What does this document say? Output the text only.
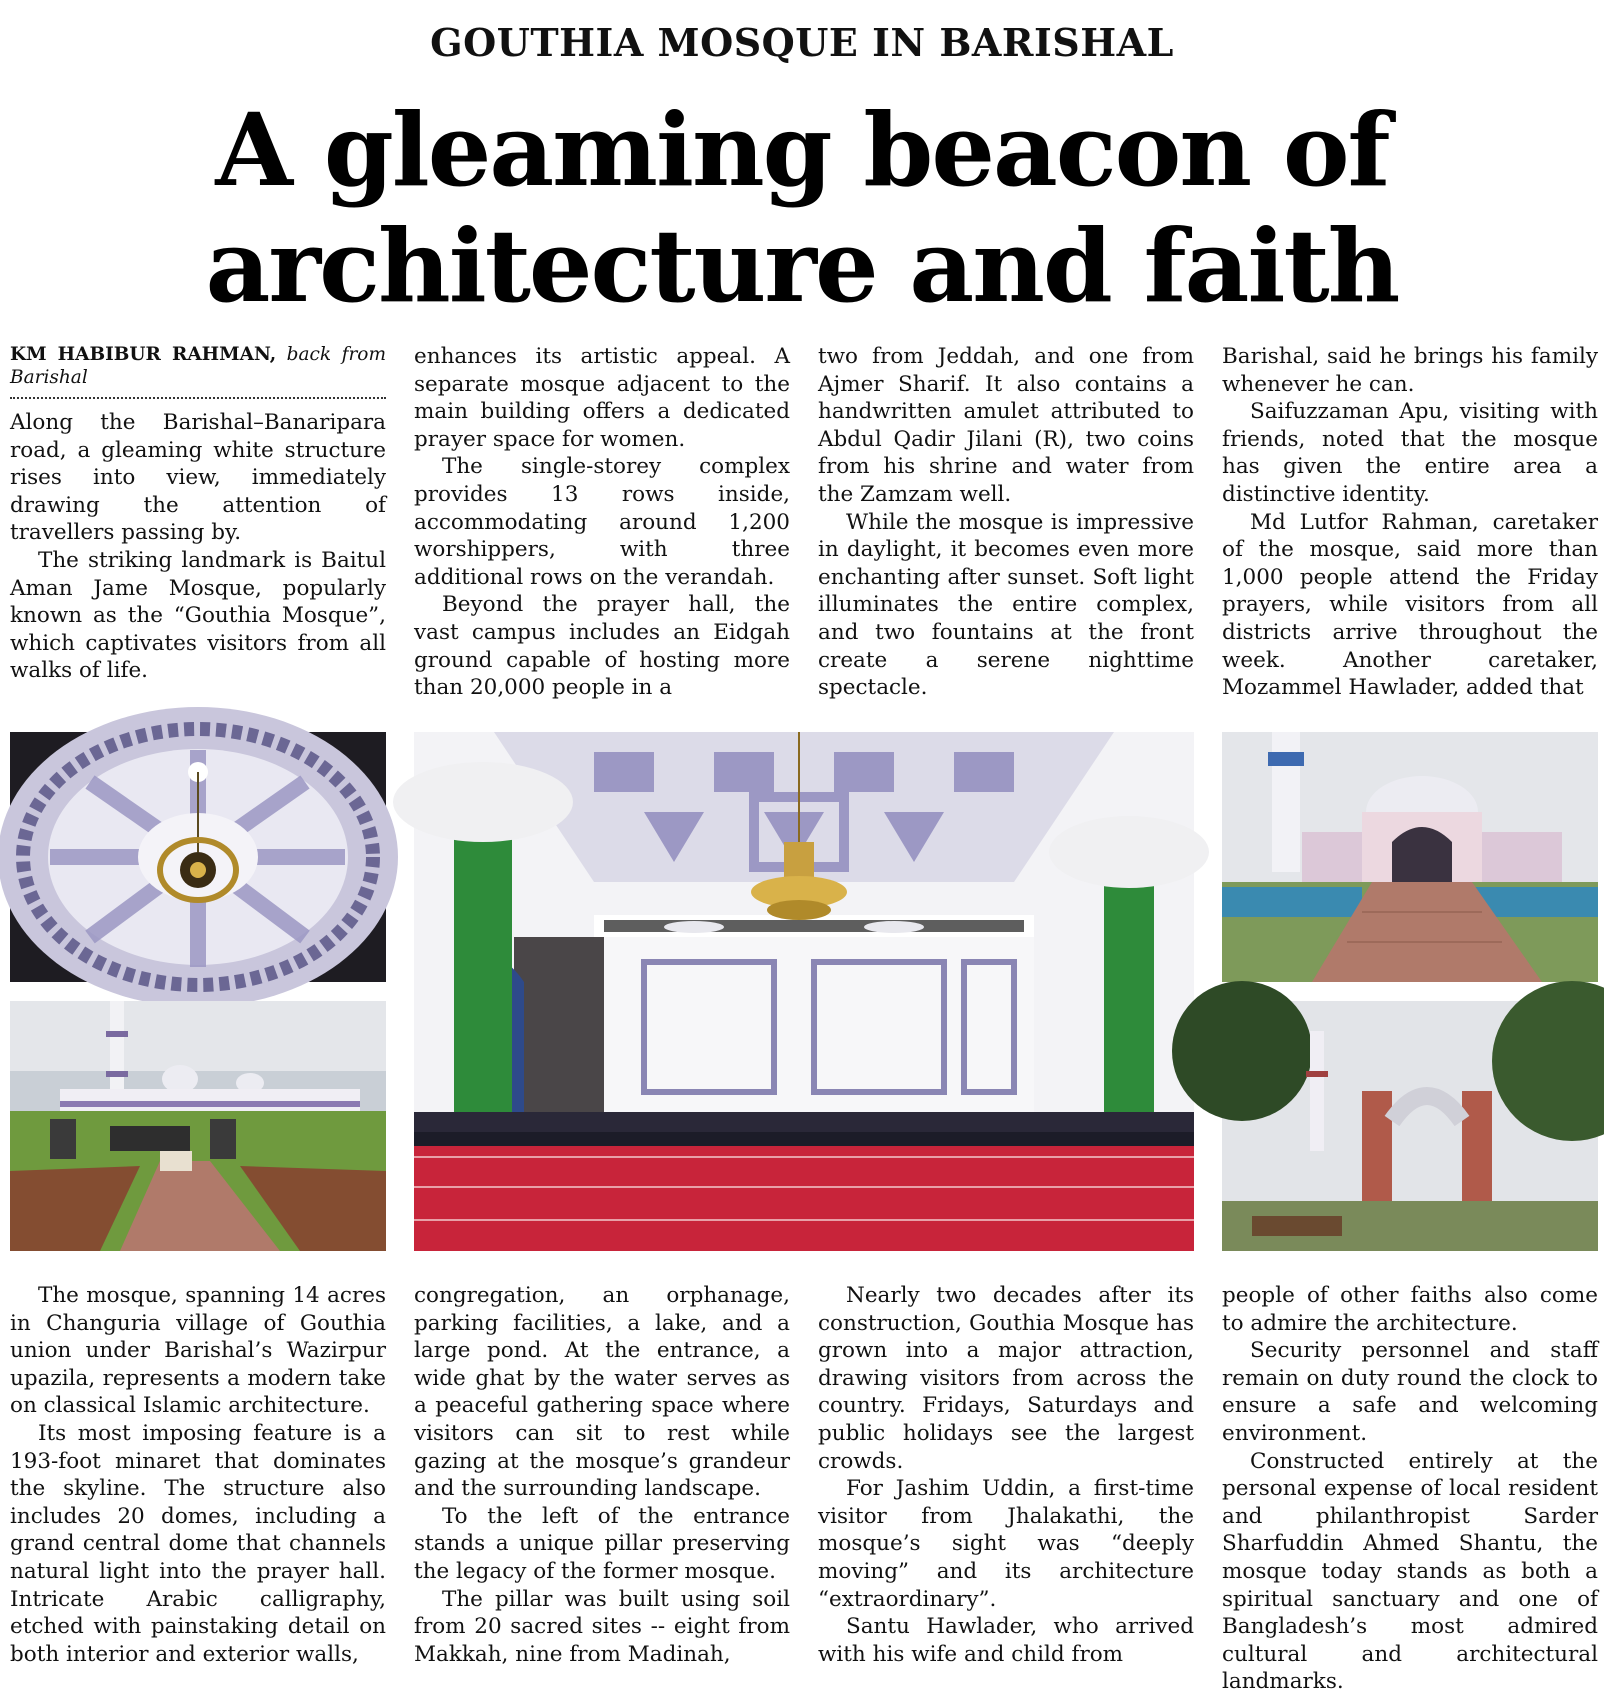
GOUTHIA MOSQUE IN BARISHAL
A gleaming beacon of
architecture and faith
KM HABIBUR RAHMAN, back from Barishal

Along the Barishal–Banaripara road, a gleaming white structure rises into view, immediately drawing the attention of travellers passing by.

The striking landmark is Baitul Aman Jame Mosque, popularly known as the “Gouthia Mosque”, which captivates visitors from all walks of life.

enhances its artistic appeal. A separate mosque adjacent to the main building offers a dedicated prayer space for women.

The single-storey complex provides 13 rows inside, accommodating around 1,200 worshippers, with three additional rows on the verandah.

Beyond the prayer hall, the vast campus includes an Eidgah ground capable of hosting more than 20,000 people in a

two from Jeddah, and one from Ajmer Sharif. It also contains a handwritten amulet attributed to Abdul Qadir Jilani (R), two coins from his shrine and water from the Zamzam well.

While the mosque is impressive in daylight, it becomes even more enchanting after sunset. Soft light illuminates the entire complex, and two fountains at the front create a serene nighttime spectacle.

Barishal, said he brings his family whenever he can.

Saifuzzaman Apu, visiting with friends, noted that the mosque has given the entire area a distinctive identity.

Md Lutfor Rahman, caretaker of the mosque, said more than 1,000 people attend the Friday prayers, while visitors from all districts arrive throughout the week. Another caretaker, Mozammel Hawlader, added that

The mosque, spanning 14 acres in Changuria village of Gouthia union under Barishal’s Wazirpur upazila, represents a modern take on classical Islamic architecture.

Its most imposing feature is a 193-foot minaret that dominates the skyline. The structure also includes 20 domes, including a grand central dome that channels natural light into the prayer hall. Intricate Arabic calligraphy, etched with painstaking detail on both interior and exterior walls,

congregation, an orphanage, parking facilities, a lake, and a large pond. At the entrance, a wide ghat by the water serves as a peaceful gathering space where visitors can sit to rest while gazing at the mosque’s grandeur and the surrounding landscape.

To the left of the entrance stands a unique pillar preserving the legacy of the former mosque.

The pillar was built using soil from 20 sacred sites -- eight from Makkah, nine from Madinah,

Nearly two decades after its construction, Gouthia Mosque has grown into a major attraction, drawing visitors from across the country. Fridays, Saturdays and public holidays see the largest crowds.

For Jashim Uddin, a first-time visitor from Jhalakathi, the mosque’s sight was “deeply moving” and its architecture “extraordinary”.

Santu Hawlader, who arrived with his wife and child from

people of other faiths also come to admire the architecture.

Security personnel and staff remain on duty round the clock to ensure a safe and welcoming environment.

Constructed entirely at the personal expense of local resident and philanthropist Sarder Sharfuddin Ahmed Shantu, the mosque today stands as both a spiritual sanctuary and one of Bangladesh’s most admired cultural and architectural landmarks.
